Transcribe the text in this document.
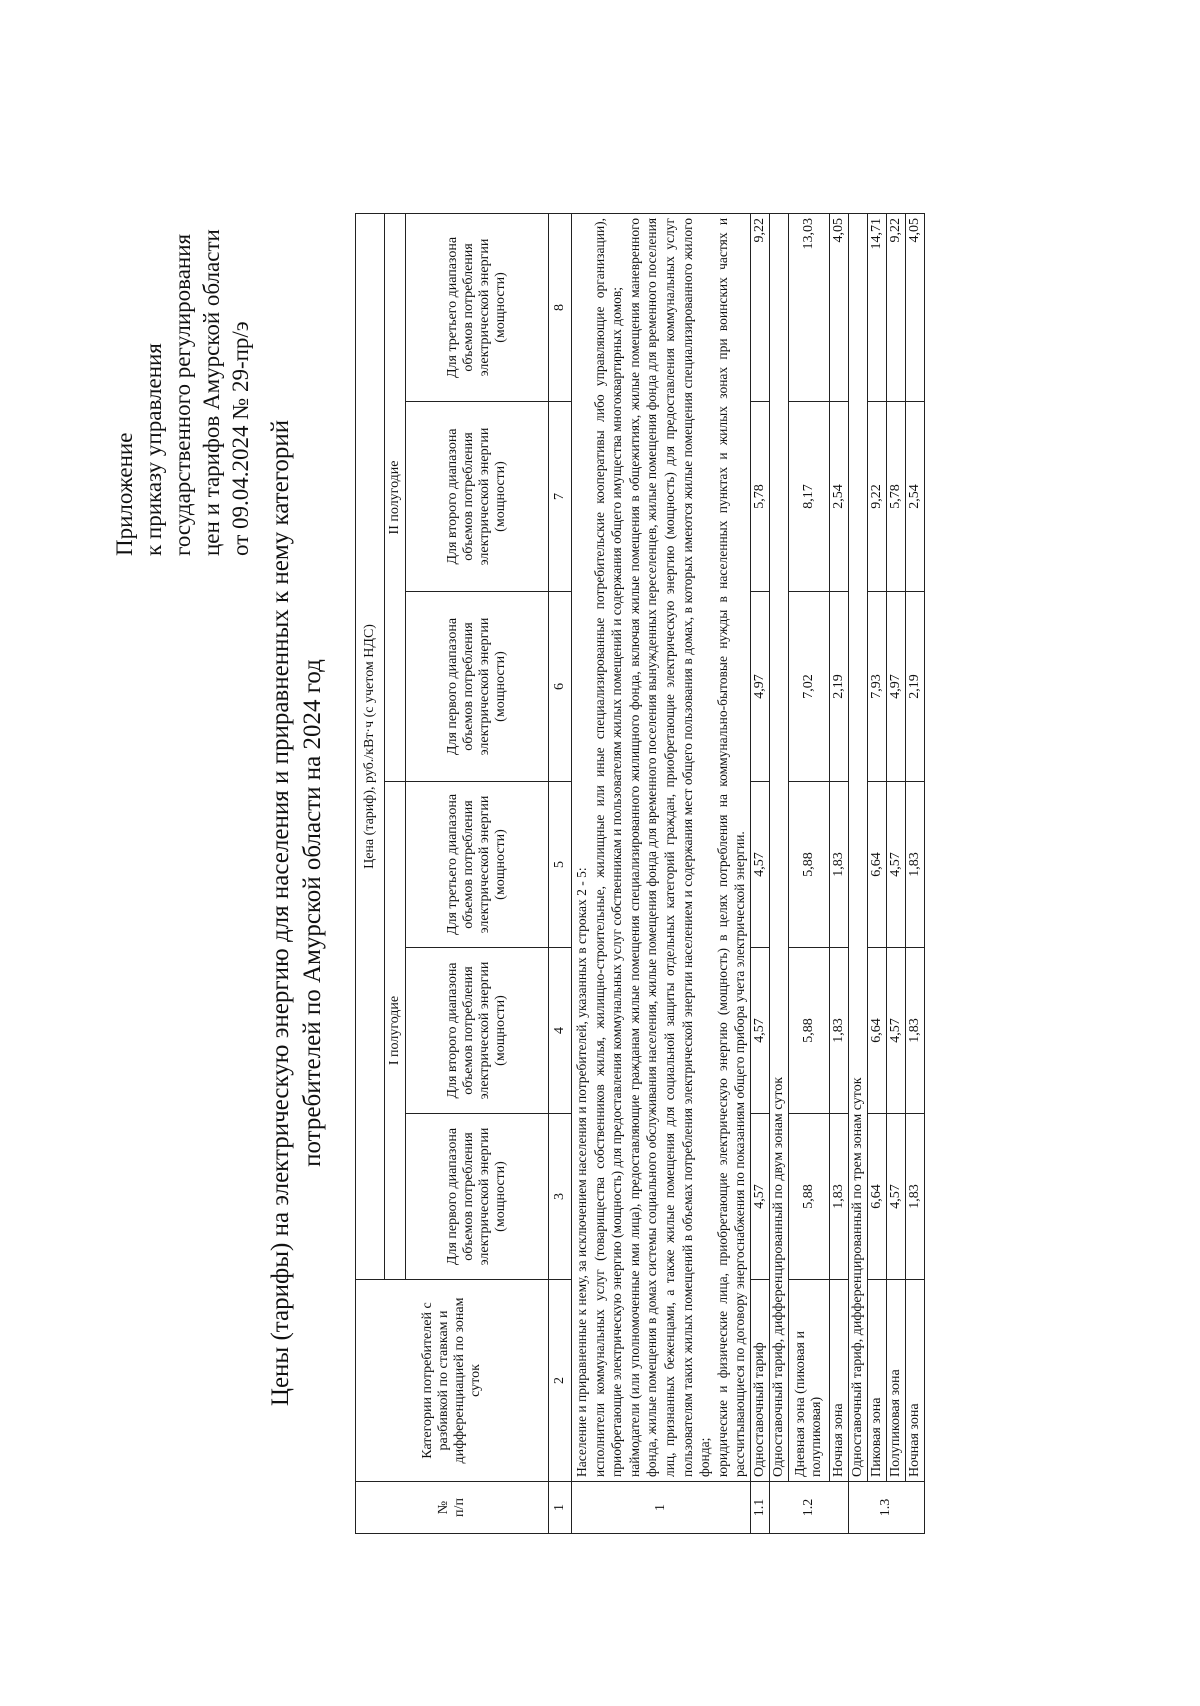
Приложение к приказу управления государственного регулирования цен и тарифов Амурской области от 09.04.2024 № 29-пр/э Цены (тарифы) на электрическую энергию для населения и приравненных к нему категорий потребителей по Амурской области на 2024 год
№
п/п	Категории потребителей с разбивкой по ставкам и дифференциацией по зонам суток	Цена (тариф), руб./кВт·ч (с учетом НДС)					
		I полугодие			II полугодие		
		Для первого диапазона объемов потребления электрической энергии (мощности)	Для второго диапазона объемов потребления электрической энергии (мощности)	Для третьего диапазона объемов потребления электрической энергии (мощности)	Для первого диапазона объемов потребления электрической энергии (мощности)	Для второго диапазона объемов потребления электрической энергии (мощности)	Для третьего диапазона объемов потребления электрической энергии (мощности)
1	2	3	4	5	6	7	8
1	Население и приравненные к нему, за исключением населения и потребителей, указанных в строках 2 - 5: исполнители коммунальных услуг (товарищества собственников жилья, жилищно-строительные, жилищные или иные специализированные потребительские кооперативы либо управляющие организации), приобретающие электрическую энергию (мощность) для предоставления коммунальных услуг собственникам и пользователям жилых помещений и содержания общего имущества многоквартирных домов; наймодатели (или уполномоченные ими лица), предоставляющие гражданам жилые помещения специализированного жилищного фонда, включая жилые помещения в общежитиях, жилые помещения маневренного фонда, жилые помещения в домах системы социального обслуживания населения, жилые помещения фонда для временного поселения вынужденных переселенцев, жилые помещения фонда для временного поселения лиц, признанных беженцами, а также жилые помещения для социальной защиты отдельных категорий граждан, приобретающие электрическую энергию (мощность) для предоставления коммунальных услуг пользователям таких жилых помещений в объемах потребления электрической энергии населением и содержания мест общего пользования в домах, в которых имеются жилые помещения специализированного жилого фонда; юридические и физические лица, приобретающие электрическую энергию (мощность) в целях потребления на коммунально-бытовые нужды в населенных пунктах и жилых зонах при воинских частях и рассчитывающиеся по договору энергоснабжения по показаниям общего прибора учета электрической энергии.						

1.1	Одноставочный тариф	4,57	4,57	4,57	4,97	5,78	9,22
1.2	Одноставочный тариф, дифференцированный по двум зонам суток						
	Дневная зона (пиковая и полупиковая)	5,88	5,88	5,88	7,02	8,17	13,03
	Ночная зона	1,83	1,83	1,83	2,19	2,54	4,05
1.3	Одноставочный тариф, дифференцированный по трем зонам суток						
	Пиковая зона	6,64	6,64	6,64	7,93	9,22	14,71
	Полупиковая зона	4,57	4,57	4,57	4,97	5,78	9,22
	Ночная зона	1,83	1,83	1,83	2,19	2,54	4,05
